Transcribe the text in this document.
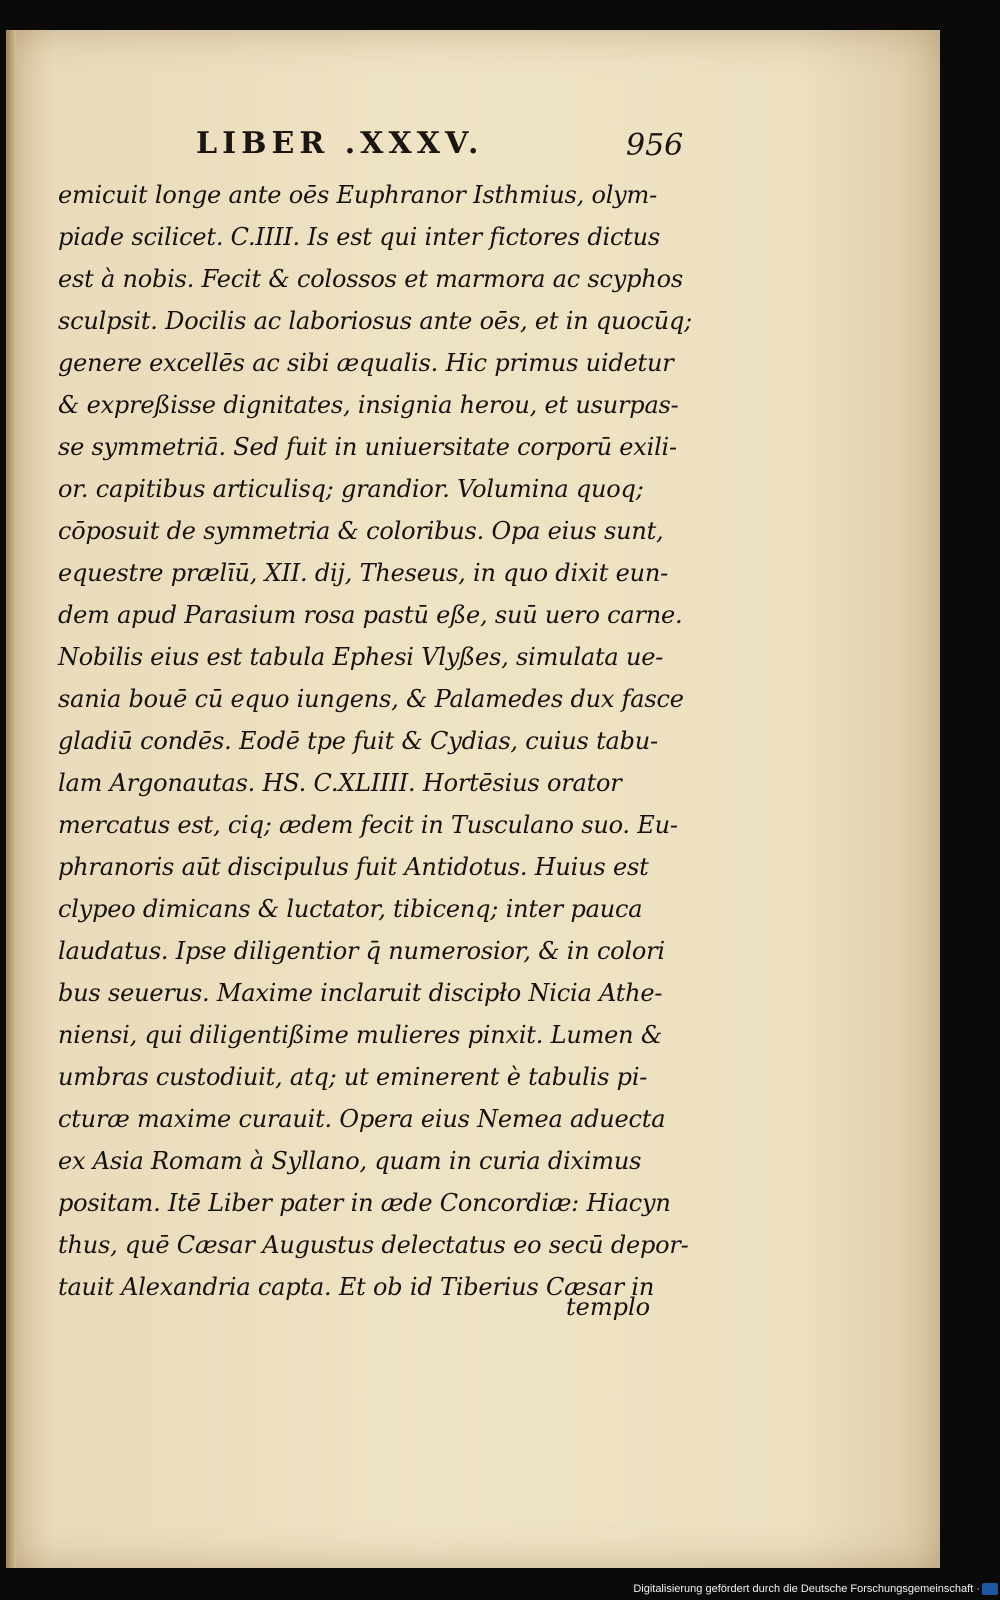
LIBER .XXXV.	956
emicuit longe ante oēs Euphranor Isthmius, olym-
piade scilicet. C.IIII. Is est qui inter fictores dictus
est à nobis. Fecit & colossos et marmora ac scyphos
sculpsit. Docilis ac laboriosus ante oēs, et in quocūq;
genere excellēs ac sibi æqualis. Hic primus uidetur
& expreßisse dignitates, insignia herou, et usurpas-
se symmetriā. Sed fuit in uniuersitate corporū exili-
or. capitibus articulisq; grandior. Volumina quoq;
cōposuit de symmetria & coloribus. Opa eius sunt,
equestre prælīū, XII. dij, Theseus, in quo dixit eun-
dem apud Parasium rosa pastū eße, suū uero carne.
Nobilis eius est tabula Ephesi Vlyßes, simulata ue-
sania bouē cū equo iungens, & Palamedes dux fasce
gladiū condēs. Eodē tpe fuit & Cydias, cuius tabu-
lam Argonautas. HS. C.XLIIII. Hortēsius orator
mercatus est, ciq; ædem fecit in Tusculano suo. Eu-
phranoris aūt discipulus fuit Antidotus. Huius est
clypeo dimicans & luctator, tibicenq; inter pauca
laudatus. Ipse diligentior q̄ numerosior, & in colori
bus seuerus. Maxime inclaruit discipło Nicia Athe-
niensi, qui diligentißime mulieres pinxit. Lumen &
umbras custodiuit, atq; ut eminerent è tabulis pi-
cturæ maxime curauit. Opera eius Nemea aduecta
ex Asia Romam à Syllano, quam in curia diximus
positam. Itē Liber pater in æde Concordiæ: Hiacyn
thus, quē Cæsar Augustus delectatus eo secū depor-
tauit Alexandria capta. Et ob id Tiberius Cæsar in
templo
Digitalisierung gefördert durch die Deutsche Forschungsgemeinschaft ·
